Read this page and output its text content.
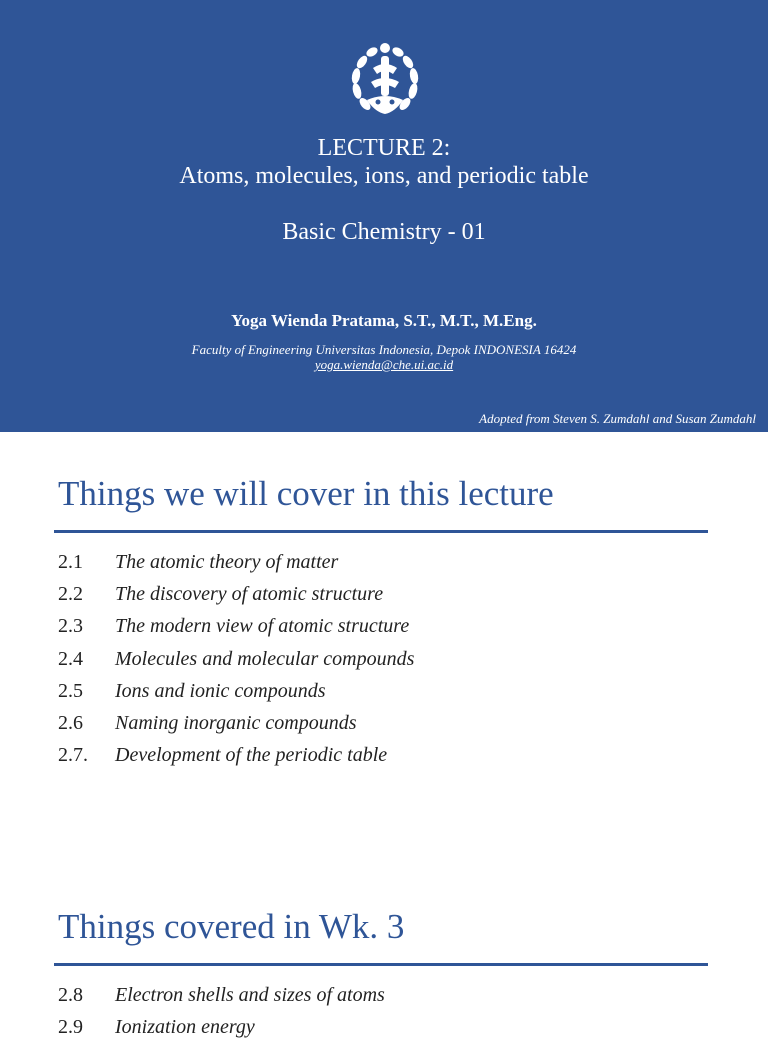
LECTURE 2:
Atoms, molecules, ions, and periodic table
Basic Chemistry - 01
Yoga Wienda Pratama, S.T., M.T., M.Eng.
Faculty of Engineering Universitas Indonesia, Depok INDONESIA 16424
yoga.wienda@che.ui.ac.id
Adopted from Steven S. Zumdahl and Susan Zumdahl
Things we will cover in this lecture
2.1	The atomic theory of matter
2.2	The discovery of atomic structure
2.3	The modern view of atomic structure
2.4	Molecules and molecular compounds
2.5	Ions and ionic compounds
2.6	Naming inorganic compounds
2.7.	Development of the periodic table
Things covered in Wk. 3
2.8	Electron shells and sizes of atoms
2.9	Ionization energy
